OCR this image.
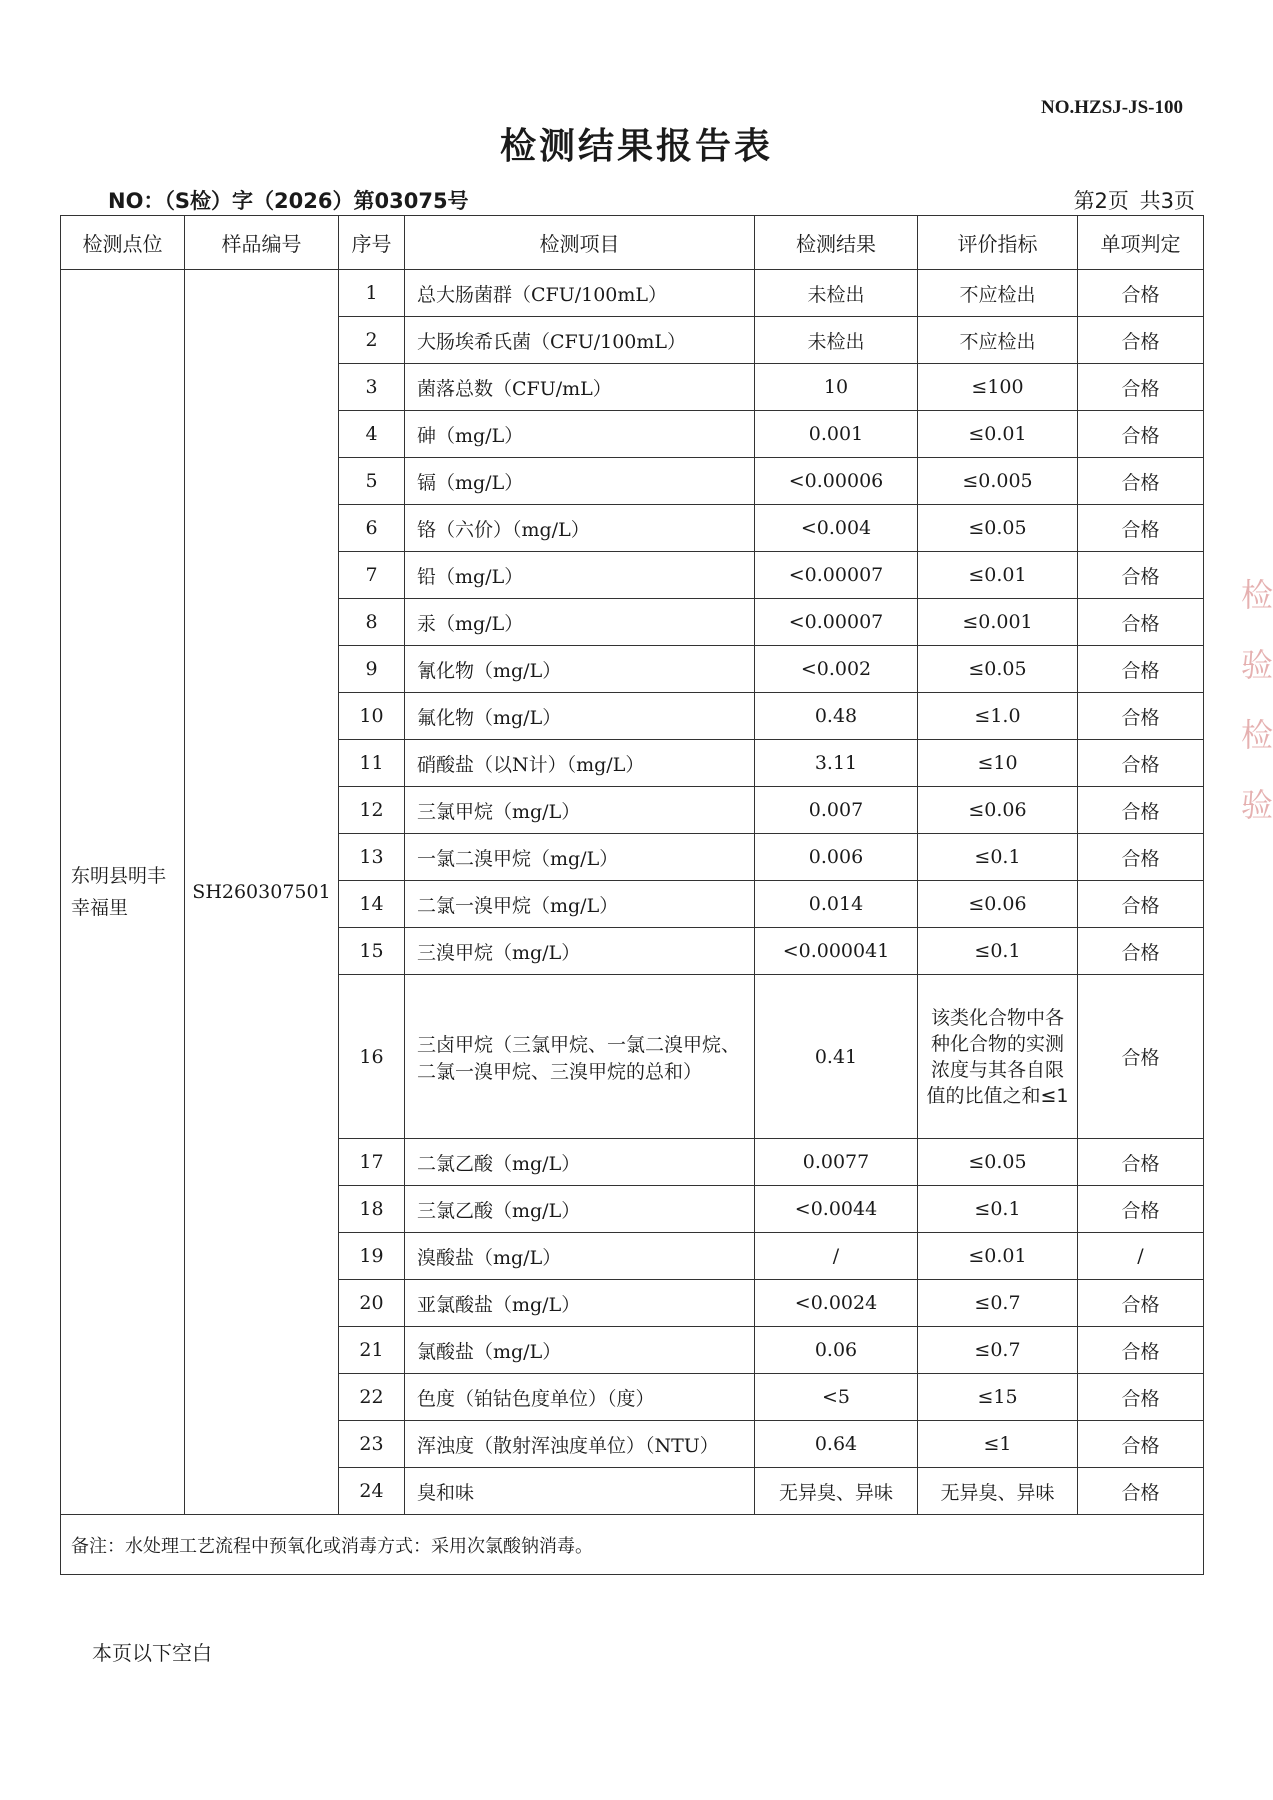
NO.HZSJ-JS-100
检测结果报告表
NO：（S检）字（2026）第03075号	第2页 共3页
检测点位	样品编号	序号	检测项目	检测结果	评价指标	单项判定
东明县明丰幸福里	SH260307501	1	总大肠菌群（CFU/100mL）	未检出	不应检出	合格
		2	大肠埃希氏菌（CFU/100mL）	未检出	不应检出	合格
		3	菌落总数（CFU/mL）	10	≤100	合格
		4	砷（mg/L）	0.001	≤0.01	合格
		5	镉（mg/L）	<0.00006	≤0.005	合格
		6	铬（六价）（mg/L）	<0.004	≤0.05	合格
		7	铅（mg/L）	<0.00007	≤0.01	合格
		8	汞（mg/L）	<0.00007	≤0.001	合格
		9	氰化物（mg/L）	<0.002	≤0.05	合格
		10	氟化物（mg/L）	0.48	≤1.0	合格
		11	硝酸盐（以N计）（mg/L）	3.11	≤10	合格
		12	三氯甲烷（mg/L）	0.007	≤0.06	合格
		13	一氯二溴甲烷（mg/L）	0.006	≤0.1	合格
		14	二氯一溴甲烷（mg/L）	0.014	≤0.06	合格
		15	三溴甲烷（mg/L）	<0.000041	≤0.1	合格
		16	三卤甲烷（三氯甲烷、一氯二溴甲烷、二氯一溴甲烷、三溴甲烷的总和）	0.41	该类化合物中各种化合物的实测浓度与其各自限值的比值之和≤1	合格
		17	二氯乙酸（mg/L）	0.0077	≤0.05	合格
		18	三氯乙酸（mg/L）	<0.0044	≤0.1	合格
		19	溴酸盐（mg/L）	/	≤0.01	/
		20	亚氯酸盐（mg/L）	<0.0024	≤0.7	合格
		21	氯酸盐（mg/L）	0.06	≤0.7	合格
		22	色度（铂钴色度单位）（度）	<5	≤15	合格
		23	浑浊度（散射浑浊度单位）（NTU）	0.64	≤1	合格
		24	臭和味	无异臭、异味	无异臭、异味	合格
备注：水处理工艺流程中预氧化或消毒方式：采用次氯酸钠消毒。						
本页以下空白
检验
检验
